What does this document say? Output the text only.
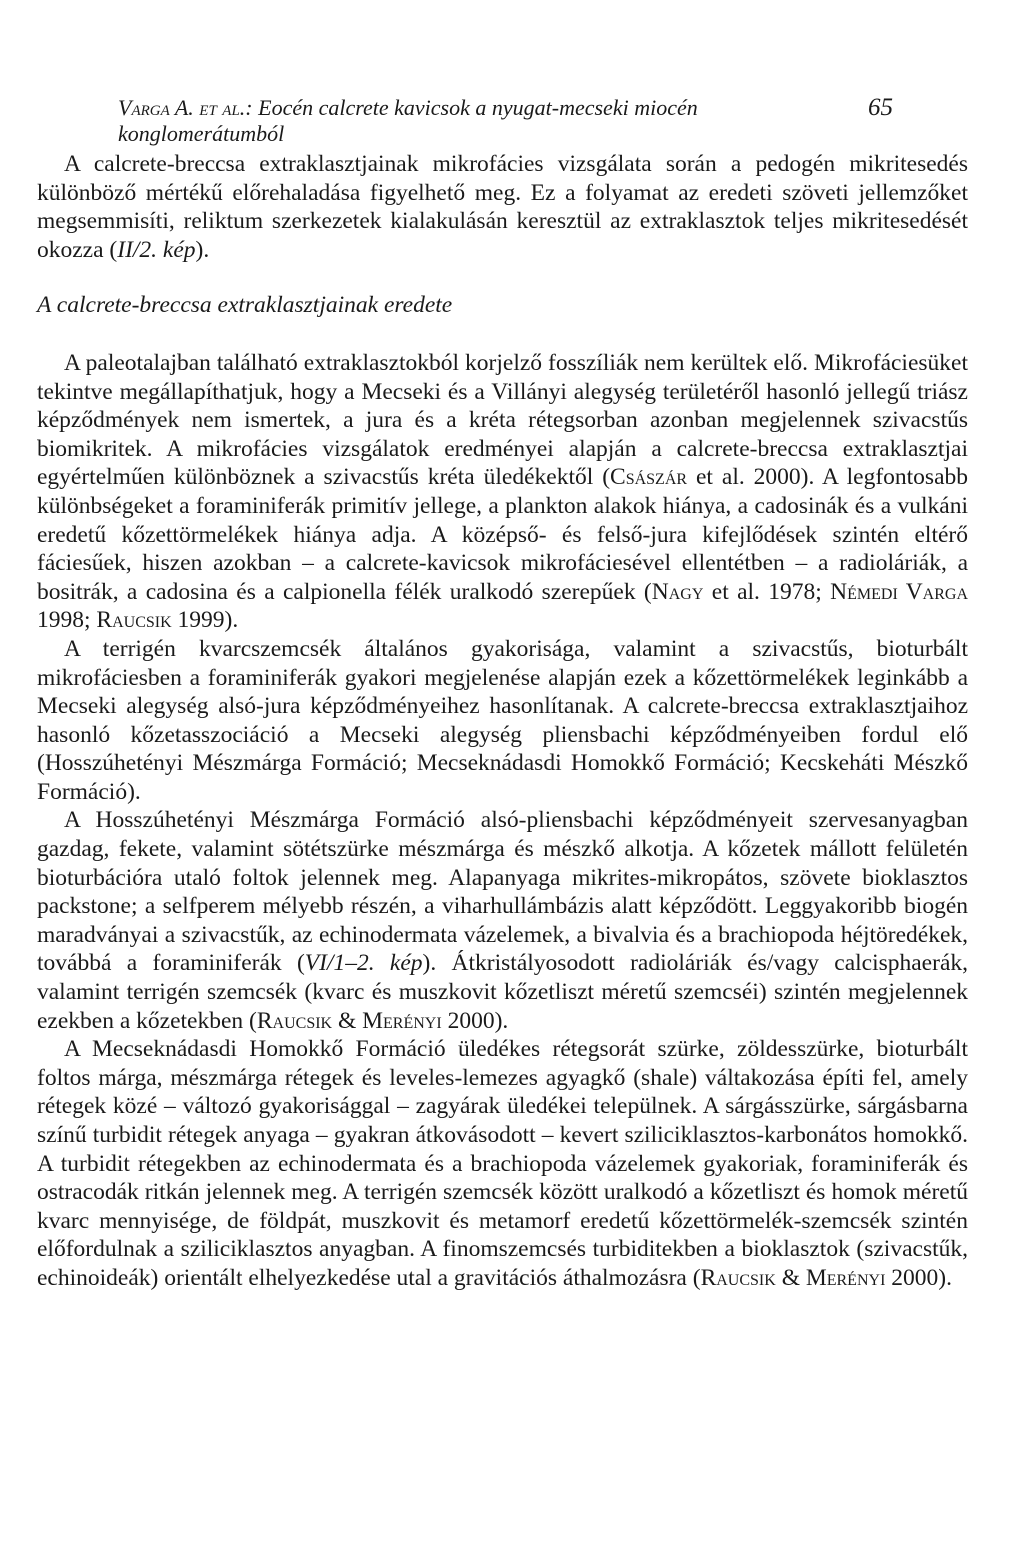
Varga A. et al.: Eocén calcrete kavicsok a nyugat-mecseki miocén konglomerátumból
65

A calcrete-breccsa extraklasztjainak mikrofácies vizsgálata során a pedogén mikritesedés különböző mértékű előrehaladása figyelhető meg. Ez a folyamat az eredeti szöveti jellemzőket megsemmisíti, reliktum szerkezetek kialakulásán keresztül az extraklasztok teljes mikritesedését okozza (II/2. kép).

A calcrete-breccsa extraklasztjainak eredete

A paleotalajban található extraklasztokból korjelző fosszíliák nem kerültek elő. Mikrofáciesüket tekintve megállapíthatjuk, hogy a Mecseki és a Villányi alegység területéről hasonló jellegű triász képződmények nem ismertek, a jura és a kréta rétegsorban azonban megjelennek szivacstűs biomikritek. A mikrofácies vizsgálatok eredményei alapján a calcrete-breccsa extraklasztjai egyértelműen különböznek a szivacstűs kréta üledékektől (Császár et al. 2000). A legfontosabb különbségeket a foraminiferák primitív jellege, a plankton alakok hiánya, a cadosinák és a vulkáni eredetű kőzettörmelékek hiánya adja. A középső- és felső-jura kifejlődések szintén eltérő fáciesűek, hiszen azokban – a calcrete-kavicsok mikrofáciesével ellentétben – a radioláriák, a bositrák, a cadosina és a calpionella félék uralkodó szerepűek (Nagy et al. 1978; Némedi Varga 1998; Raucsik 1999).

A terrigén kvarcszemcsék általános gyakorisága, valamint a szivacstűs, bioturbált mikrofáciesben a foraminiferák gyakori megjelenése alapján ezek a kőzettörmelékek leginkább a Mecseki alegység alsó-jura képződményeihez hasonlítanak. A calcrete-breccsa extraklasztjaihoz hasonló kőzetasszociáció a Mecseki alegység pliensbachi képződményeiben fordul elő (Hosszúhetényi Mészmárga Formáció; Mecseknádasdi Homokkő Formáció; Kecskeháti Mészkő Formáció).

A Hosszúhetényi Mészmárga Formáció alsó-pliensbachi képződményeit szervesanyagban gazdag, fekete, valamint sötétszürke mészmárga és mészkő alkotja. A kőzetek mállott felületén bioturbációra utaló foltok jelennek meg. Alapanyaga mikrites-mikropátos, szövete bioklasztos packstone; a selfperem mélyebb részén, a viharhullámbázis alatt képződött. Leggyakoribb biogén maradványai a szivacstűk, az echinodermata vázelemek, a bivalvia és a brachiopoda héjtöredékek, továbbá a foraminiferák (VI/1–2. kép). Átkristályosodott radioláriák és/vagy calcisphaerák, valamint terrigén szemcsék (kvarc és muszkovit kőzetliszt méretű szemcséi) szintén megjelennek ezekben a kőzetekben (Raucsik & Merényi 2000).

A Mecseknádasdi Homokkő Formáció üledékes rétegsorát szürke, zöldesszürke, bioturbált foltos márga, mészmárga rétegek és leveles-lemezes agyagkő (shale) váltakozása építi fel, amely rétegek közé – változó gyakorisággal – zagyárak üledékei települnek. A sárgásszürke, sárgásbarna színű turbidit rétegek anyaga – gyakran átkovásodott – kevert sziliciklasztos-karbonátos homokkő. A turbidit rétegekben az echinodermata és a brachiopoda vázelemek gyakoriak, foraminiferák és ostracodák ritkán jelennek meg. A terrigén szemcsék között uralkodó a kőzetliszt és homok méretű kvarc mennyisége, de földpát, muszkovit és metamorf eredetű kőzettörmelék-szemcsék szintén előfordulnak a sziliciklasztos anyagban. A finomszemcsés turbiditekben a bioklasztok (szivacstűk, echinoideák) orientált elhelyezkedése utal a gravitációs áthalmozásra (Raucsik & Merényi 2000).
